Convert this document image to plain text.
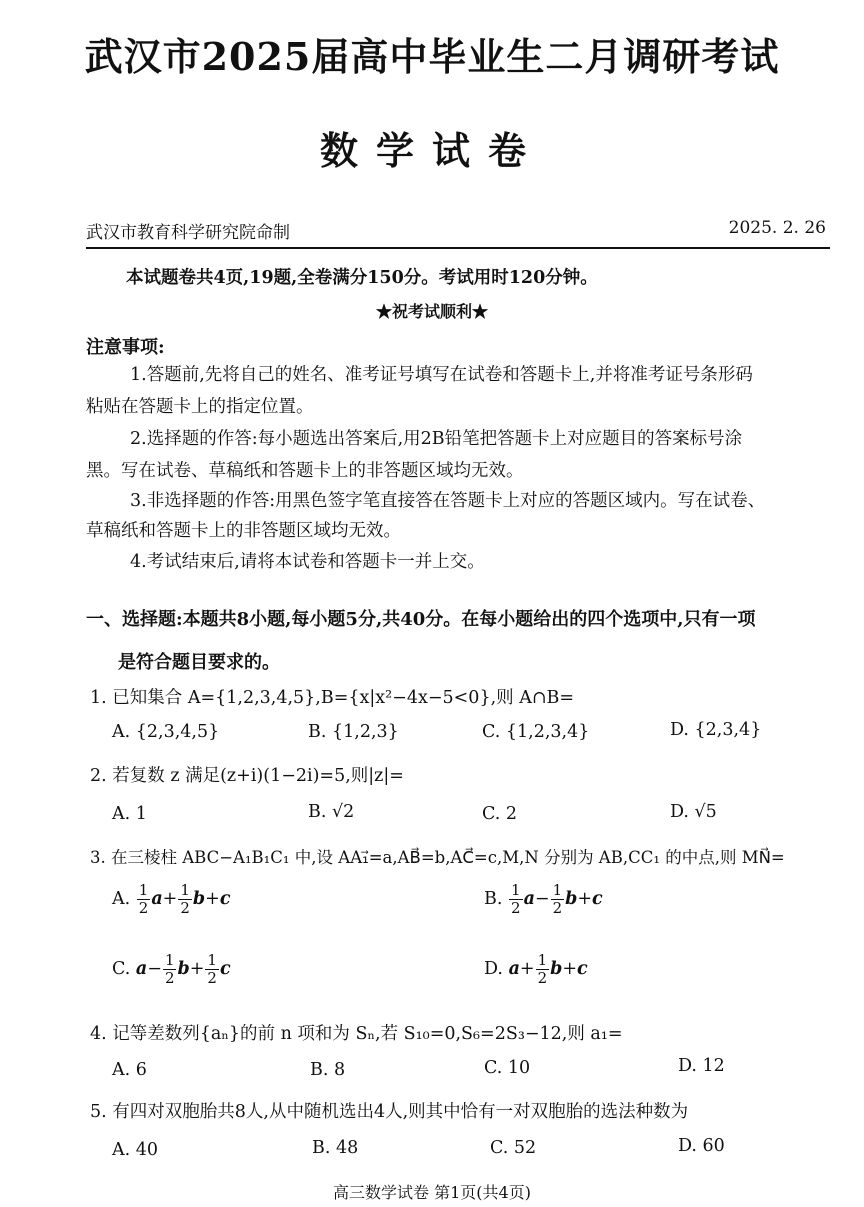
武汉市2025届高中毕业生二月调研考试
数学试卷
武汉市教育科学研究院命制	2025. 2. 26
本试题卷共4页,19题,全卷满分150分。考试用时120分钟。
★祝考试顺利★
注意事项:
1.答题前,先将自己的姓名、准考证号填写在试卷和答题卡上,并将准考证号条形码
粘贴在答题卡上的指定位置。
2.选择题的作答:每小题选出答案后,用2B铅笔把答题卡上对应题目的答案标号涂
黑。写在试卷、草稿纸和答题卡上的非答题区域均无效。
3.非选择题的作答:用黑色签字笔直接答在答题卡上对应的答题区域内。写在试卷、
草稿纸和答题卡上的非答题区域均无效。
4.考试结束后,请将本试卷和答题卡一并上交。
一、选择题:本题共8小题,每小题5分,共40分。在每小题给出的四个选项中,只有一项
是符合题目要求的。
1. 已知集合 A={1,2,3,4,5},B={x|x²−4x−5<0},则 A∩B=
A. {2,3,4,5}	B. {1,2,3}	C. {1,2,3,4}	D. {2,3,4}
2. 若复数 z 满足(z+i)(1−2i)=5,则|z|=
A. 1	B. √2	C. 2	D. √5
3. 在三棱柱 ABC−A₁B₁C₁ 中,设 AA₁⃗=a,AB⃗=b,AC⃗=c,M,N 分别为 AB,CC₁ 的中点,则 MN⃗=
A. $\frac{1}{2} a+ \frac{1}{2} b+c$	B. $\frac{1}{2} a- \frac{1}{2} b+c$
C. $a- \frac{1}{2} b+ \frac{1}{2}$ c	D. $a+ \frac{1}{2} b+c$
4. 记等差数列{aₙ}的前 n 项和为 Sₙ,若 S₁₀=0,S₆=2S₃−12,则 a₁=
A. 6	B. 8	C. 10	D. 12
5. 有四对双胞胎共8人,从中随机选出4人,则其中恰有一对双胞胎的选法种数为
A. 40	B. 48	C. 52	D. 60
高三数学试卷 第1页(共4页)
